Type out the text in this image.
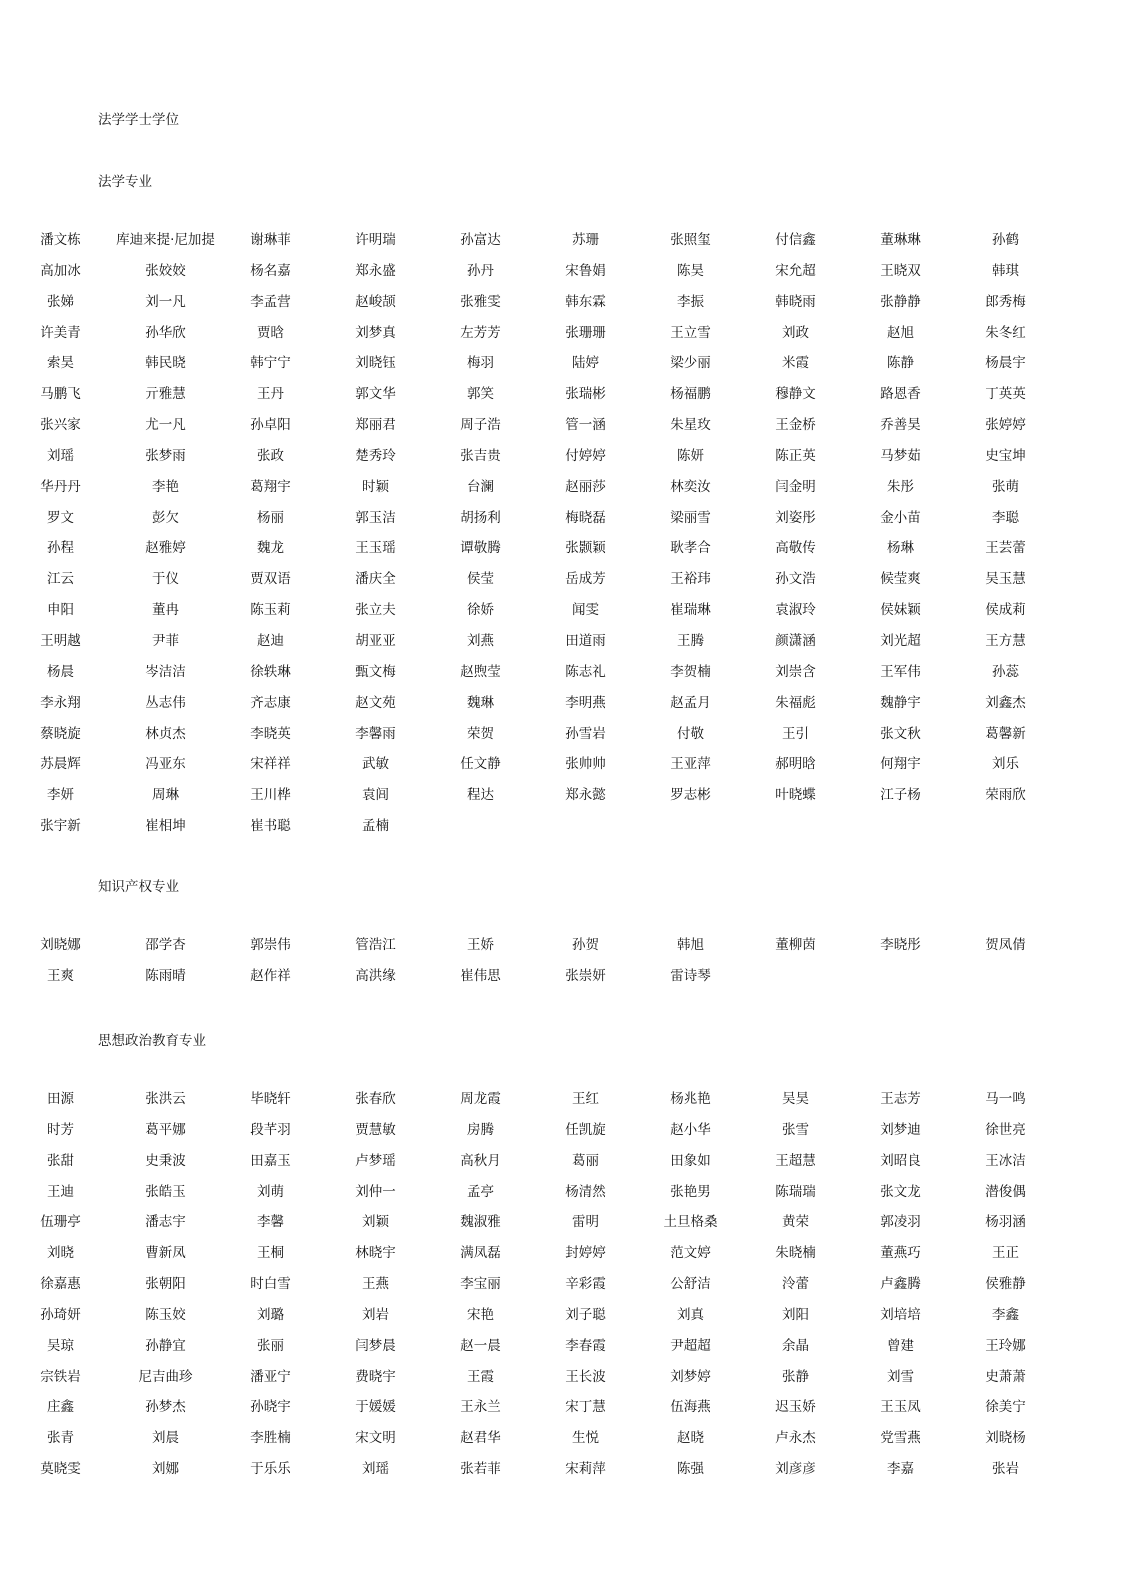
法学学士学位
法学专业
潘文栋	库迪来提·尼加提	谢琳菲	许明瑞	孙富达	苏珊	张照玺	付信鑫	董琳琳	孙鹤
高加冰	张姣姣	杨名嘉	郑永盛	孙丹	宋鲁娟	陈昊	宋允超	王晓双	韩琪
张娣	刘一凡	李孟营	赵峻颉	张雅雯	韩东霖	李振	韩晓雨	张静静	郎秀梅
许美青	孙华欣	贾晗	刘梦真	左芳芳	张珊珊	王立雪	刘政	赵旭	朱冬红
索昊	韩民晓	韩宁宁	刘晓钰	梅羽	陆婷	梁少丽	米霞	陈静	杨晨宇
马鹏飞	亓雅慧	王丹	郭文华	郭笑	张瑞彬	杨福鹏	穆静文	路恩香	丁英英
张兴家	尤一凡	孙卓阳	郑丽君	周子浩	管一涵	朱星玫	王金桥	乔善昊	张婷婷
刘瑶	张梦雨	张政	楚秀玲	张吉贵	付婷婷	陈妍	陈正英	马梦茹	史宝坤
华丹丹	李艳	葛翔宇	时颖	台澜	赵丽莎	林奕汝	闫金明	朱彤	张萌
罗文	彭欠	杨丽	郭玉洁	胡扬利	梅晓磊	梁丽雪	刘姿彤	金小苗	李聪
孙程	赵雅婷	魏龙	王玉瑶	谭敬腾	张颢颖	耿孝合	高敬传	杨琳	王芸蕾
江云	于仪	贾双语	潘庆全	侯莹	岳成芳	王裕玮	孙文浩	候莹爽	吴玉慧
申阳	董冉	陈玉莉	张立夫	徐娇	闻雯	崔瑞琳	袁淑玲	侯妹颖	侯成莉
王明越	尹菲	赵迪	胡亚亚	刘燕	田道雨	王腾	颜潇涵	刘光超	王方慧
杨晨	岑洁洁	徐轶琳	甄文梅	赵煦莹	陈志礼	李贺楠	刘崇含	王军伟	孙蕊
李永翔	丛志伟	齐志康	赵文苑	魏琳	李明燕	赵孟月	朱福彪	魏静宇	刘鑫杰
蔡晓旋	林贞杰	李晓英	李馨雨	荣贺	孙雪岩	付敬	王引	张文秋	葛馨新
苏晨辉	冯亚东	宋祥祥	武敏	任文静	张帅帅	王亚萍	郝明晗	何翔宇	刘乐
李妍	周琳	王川桦	袁闾	程达	郑永懿	罗志彬	叶晓蝶	江子杨	荣雨欣
张宇新	崔相坤	崔书聪	孟楠
知识产权专业
刘晓娜	邵学杏	郭崇伟	管浩江	王娇	孙贺	韩旭	董柳茵	李晓彤	贺凤倩
王爽	陈雨晴	赵作祥	高洪缘	崔伟思	张崇妍	雷诗琴
思想政治教育专业
田源	张洪云	毕晓轩	张春欣	周龙霞	王红	杨兆艳	吴昊	王志芳	马一鸣
时芳	葛平娜	段芊羽	贾慧敏	房腾	任凯旋	赵小华	张雪	刘梦迪	徐世亮
张甜	史秉波	田嘉玉	卢梦瑶	高秋月	葛丽	田象如	王超慧	刘昭良	王冰洁
王迪	张皓玉	刘萌	刘仲一	孟亭	杨清然	张艳男	陈瑞瑞	张文龙	潜俊偶
伍珊亭	潘志宇	李馨	刘颖	魏淑雅	雷明	土旦格桑	黄荣	郭凌羽	杨羽涵
刘晓	曹新凤	王桐	林晓宇	满凤磊	封婷婷	范文婷	朱晓楠	董燕巧	王正
徐嘉惠	张朝阳	时白雪	王燕	李宝丽	辛彩霞	公舒洁	泠蕾	卢鑫腾	侯雅静
孙琦妍	陈玉姣	刘璐	刘岩	宋艳	刘子聪	刘真	刘阳	刘培培	李鑫
吴琼	孙静宜	张丽	闫梦晨	赵一晨	李春霞	尹超超	余晶	曾建	王玲娜
宗铁岩	尼吉曲珍	潘亚宁	费晓宇	王霞	王长波	刘梦婷	张静	刘雪	史萧萧
庄鑫	孙梦杰	孙晓宇	于媛媛	王永兰	宋丁慧	伍海燕	迟玉娇	王玉凤	徐美宁
张青	刘晨	李胜楠	宋文明	赵君华	生悦	赵晓	卢永杰	党雪燕	刘晓杨
莫晓雯	刘娜	于乐乐	刘瑶	张若菲	宋莉萍	陈强	刘彦彦	李嘉	张岩
